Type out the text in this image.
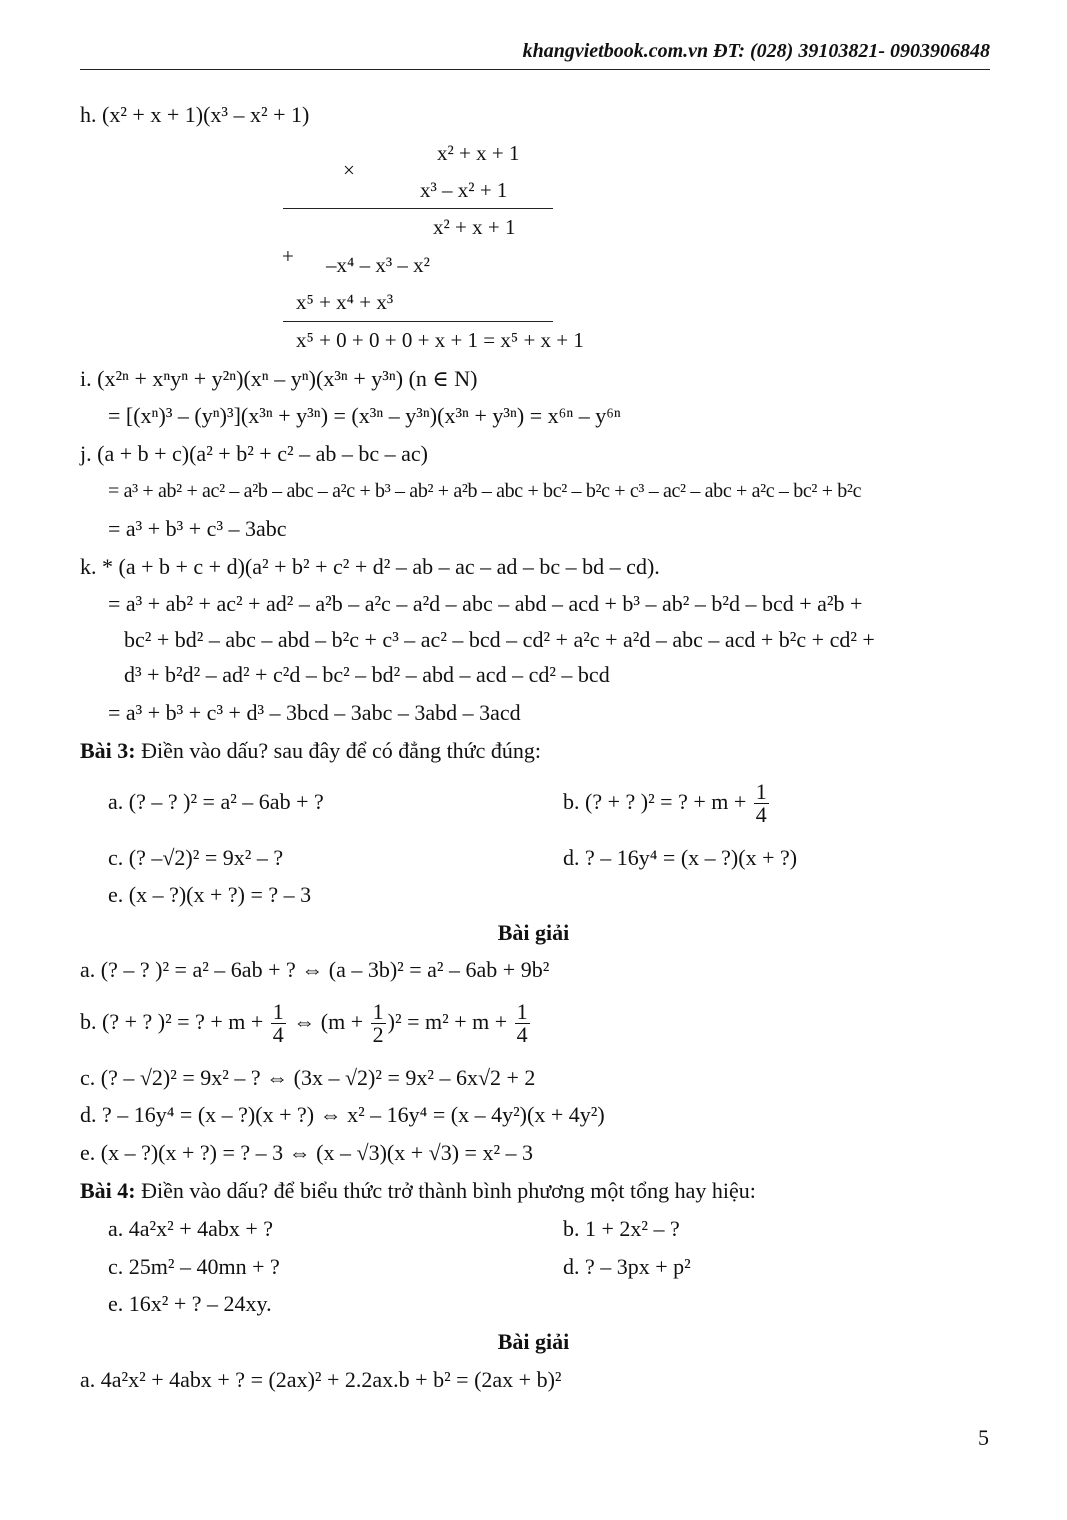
khangvietbook.com.vn ĐT: (028) 39103821- 0903906848
h. (x² + x + 1)(x³ – x² + 1)
×
x² + x + 1
x³ – x² + 1
x² + x + 1
+ –x⁴ – x³ – x²
x⁵ + x⁴ + x³
x⁵ + 0 + 0 + 0 + x + 1 = x⁵ + x + 1
i. (x²ⁿ + xⁿyⁿ + y²ⁿ)(xⁿ – yⁿ)(x³ⁿ + y³ⁿ) (n ∈ N)
= [(xⁿ)³ – (yⁿ)³](x³ⁿ + y³ⁿ) = (x³ⁿ – y³ⁿ)(x³ⁿ + y³ⁿ) = x⁶ⁿ – y⁶ⁿ
j. (a + b + c)(a² + b² + c² – ab – bc – ac)
= a³ + ab² + ac² – a²b – abc – a²c + b³ – ab² + a²b – abc + bc² – b²c + c³ – ac² – abc + a²c – bc² + b²c
= a³ + b³ + c³ – 3abc
k. * (a + b + c + d)(a² + b² + c² + d² – ab – ac – ad – bc – bd – cd).
= a³ + ab² + ac² + ad² – a²b – a²c – a²d – abc – abd – acd + b³ – ab² – b²d – bcd + a²b +
bc² + bd² – abc – abd – b²c + c³ – ac² – bcd – cd² + a²c + a²d – abc – acd + b²c + cd² +
d³ + b²d² – ad² + c²d – bc² – bd² – abd – acd – cd² – bcd
= a³ + b³ + c³ + d³ – 3bcd – 3abc – 3abd – 3acd
Bài 3: Điền vào dấu? sau đây để có đẳng thức đúng:
a. (? – ? )² = a² – 6ab + ?	b. (? + ? )² = ? + $m + \frac{1}{4}$
c. (? –√2)² = 9x² – ?	d. ? – 16y⁴ = (x – ?)(x + ?)
e. (x – ?)(x + ?) = ? – 3
Bài giải
a. (? – ? )² = a² – 6ab + ? ⇔ (a – 3b)² = a² – 6ab + 9b²
b. (? + ? )² = ? + $m + \frac{1}{4}$ ⇔ $(m + \frac{1}{2} )^2 = m^2 + m + \frac{1}{4}$
c. (? – √2)² = 9x² – ? ⇔ (3x – √2)² = 9x² – 6x√2 + 2
d. ? – 16y⁴ = (x – ?)(x + ?) ⇔ x² – 16y⁴ = (x – 4y²)(x + 4y²)
e. (x – ?)(x + ?) = ? – 3 ⇔ (x – √3)(x + √3) = x² – 3
Bài 4: Điền vào dấu? để biểu thức trở thành bình phương một tổng hay hiệu:
a. 4a²x² + 4abx + ?	b. 1 + 2x² – ?
c. 25m² – 40mn + ?	d. ? – 3px + p²
e. 16x² + ? – 24xy.
Bài giải
a. 4a²x² + 4abx + ? = (2ax)² + 2.2ax.b + b² = (2ax + b)²
5
